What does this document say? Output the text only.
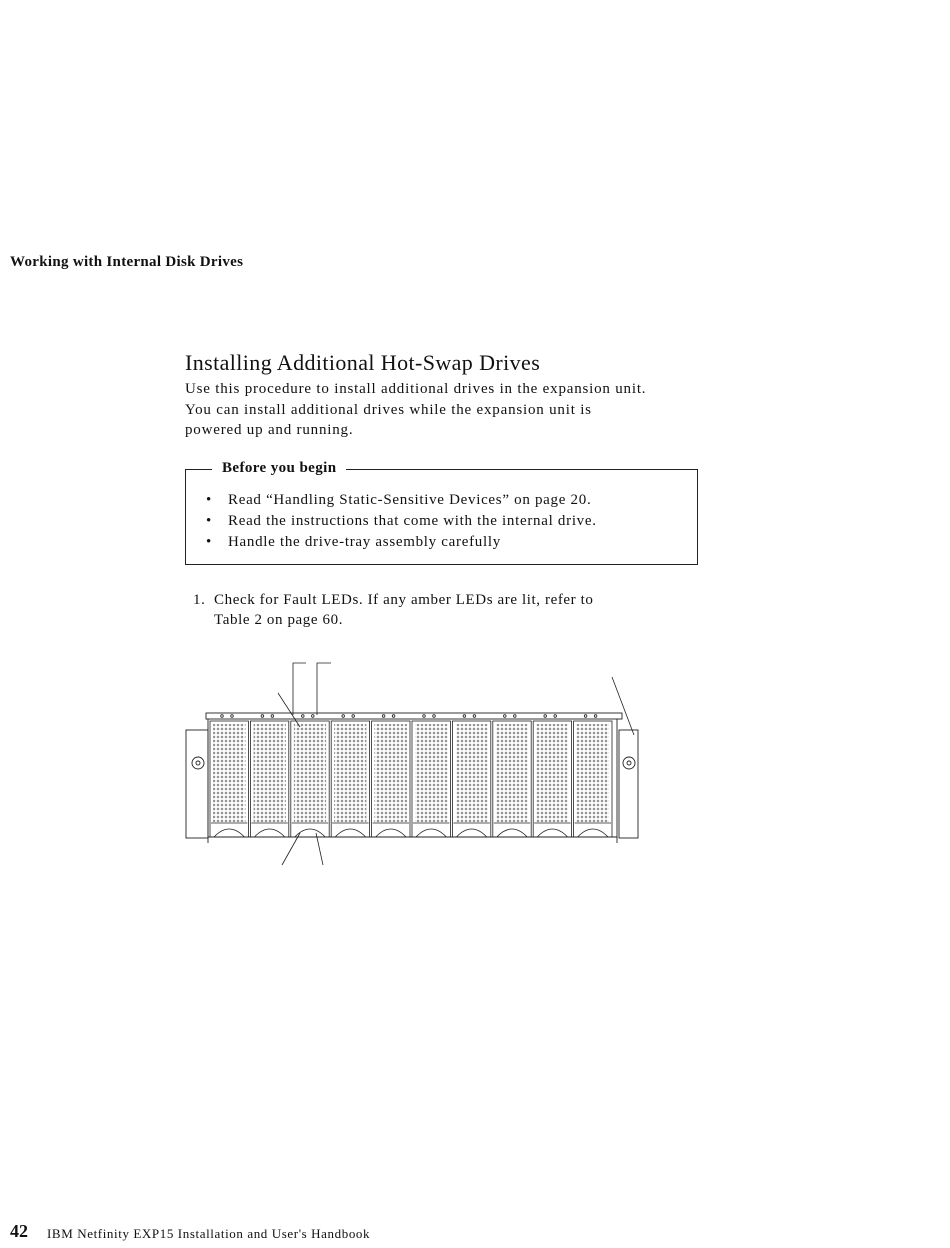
Working with Internal Disk Drives
Installing Additional Hot-Swap Drives
Use this procedure to install additional drives in the expansion unit.
You can install additional drives while the expansion unit is
powered up and running.
Before you begin
• Read “Handling Static-Sensitive Devices” on page 20.
• Read the instructions that come with the internal drive.
• Handle the drive-tray assembly carefully
1. Check for Fault LEDs. If any amber LEDs are lit, refer to
Table 2 on page 60.
42 IBM Netfinity EXP15 Installation and User's Handbook
